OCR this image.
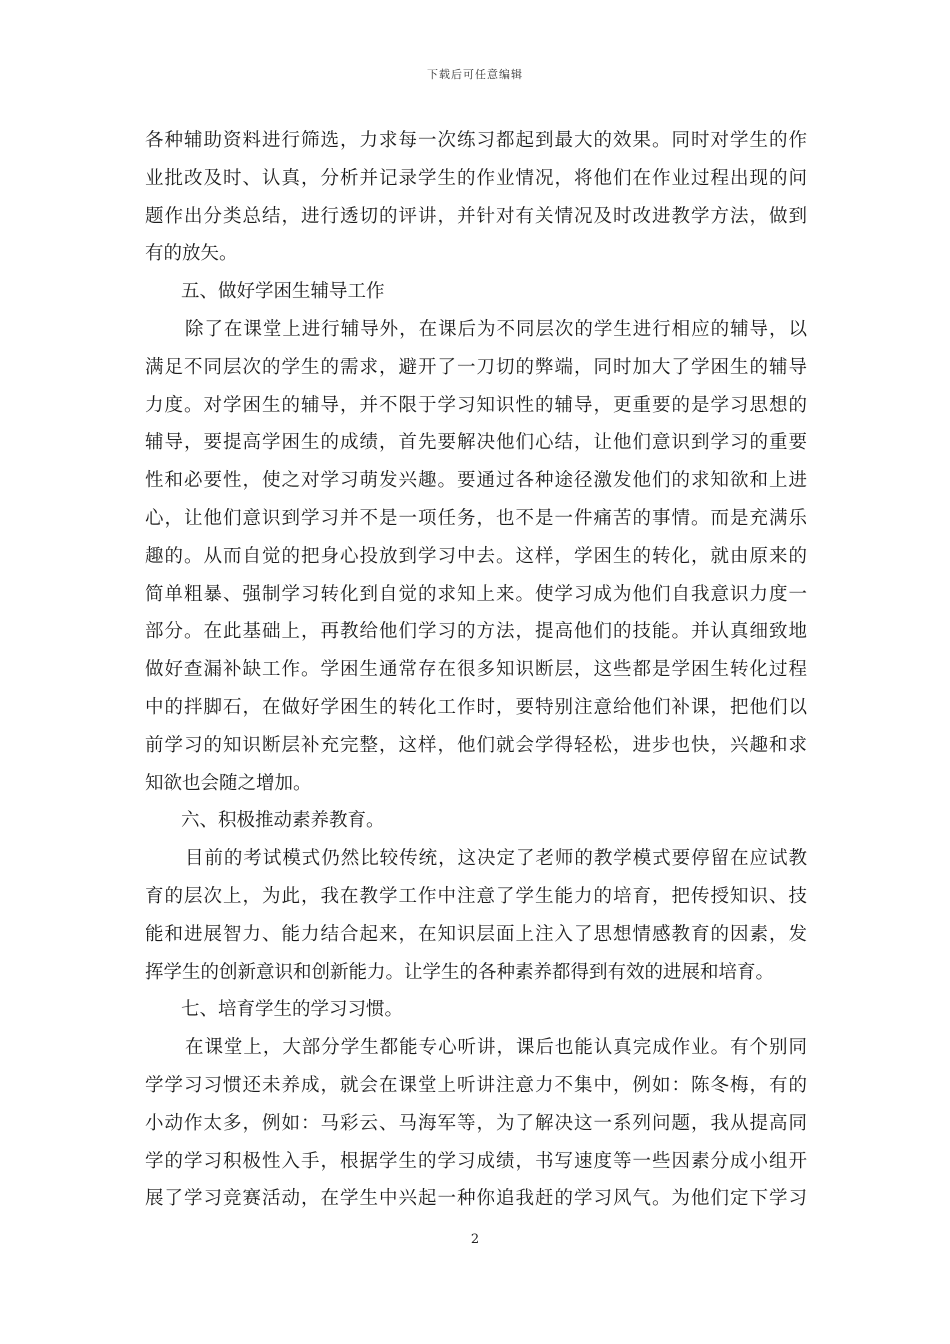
下载后可任意编辑
各种辅助资料进行筛选，力求每一次练习都起到最大的效果。同时对学生的作
业批改及时、认真，分析并记录学生的作业情况，将他们在作业过程出现的问
题作出分类总结，进行透切的评讲，并针对有关情况及时改进教学方法，做到
有的放矢。
五、做好学困生辅导工作
除了在课堂上进行辅导外，在课后为不同层次的学生进行相应的辅导，以
满足不同层次的学生的需求，避开了一刀切的弊端，同时加大了学困生的辅导
力度。对学困生的辅导，并不限于学习知识性的辅导，更重要的是学习思想的
辅导，要提高学困生的成绩，首先要解决他们心结，让他们意识到学习的重要
性和必要性，使之对学习萌发兴趣。要通过各种途径激发他们的求知欲和上进
心，让他们意识到学习并不是一项任务，也不是一件痛苦的事情。而是充满乐
趣的。从而自觉的把身心投放到学习中去。这样，学困生的转化，就由原来的
简单粗暴、强制学习转化到自觉的求知上来。使学习成为他们自我意识力度一
部分。在此基础上，再教给他们学习的方法，提高他们的技能。并认真细致地
做好查漏补缺工作。学困生通常存在很多知识断层，这些都是学困生转化过程
中的拌脚石，在做好学困生的转化工作时，要特别注意给他们补课，把他们以
前学习的知识断层补充完整，这样，他们就会学得轻松，进步也快，兴趣和求
知欲也会随之增加。
六、积极推动素养教育。
目前的考试模式仍然比较传统，这决定了老师的教学模式要停留在应试教
育的层次上，为此，我在教学工作中注意了学生能力的培育，把传授知识、技
能和进展智力、能力结合起来，在知识层面上注入了思想情感教育的因素，发
挥学生的创新意识和创新能力。让学生的各种素养都得到有效的进展和培育。
七、培育学生的学习习惯。
在课堂上，大部分学生都能专心听讲，课后也能认真完成作业。有个别同
学学习习惯还未养成，就会在课堂上听讲注意力不集中，例如：陈冬梅，有的
小动作太多，例如：马彩云、马海军等，为了解决这一系列问题，我从提高同
学的学习积极性入手，根据学生的学习成绩，书写速度等一些因素分成小组开
展了学习竞赛活动，在学生中兴起一种你追我赶的学习风气。为他们定下学习
2
